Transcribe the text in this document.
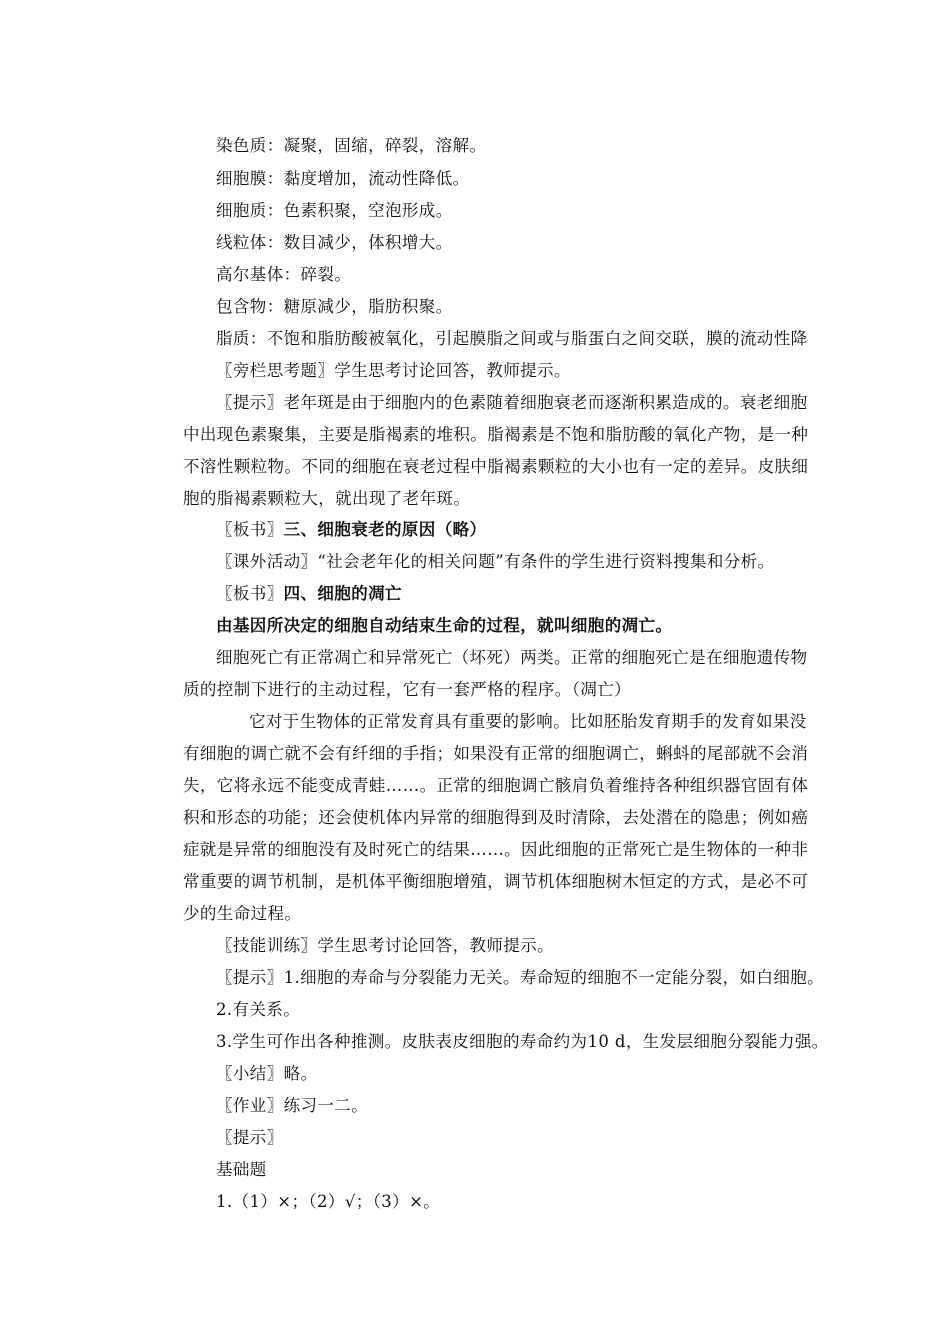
染色质：凝聚，固缩，碎裂，溶解。
细胞膜：黏度增加，流动性降低。
细胞质：色素积聚，空泡形成。
线粒体：数目减少，体积增大。
高尔基体：碎裂。
包含物：糖原减少，脂肪积聚。
脂质：不饱和脂肪酸被氧化，引起膜脂之间或与脂蛋白之间交联，膜的流动性降
〖旁栏思考题〗学生思考讨论回答，教师提示。
〖提示〗老年斑是由于细胞内的色素随着细胞衰老而逐渐积累造成的。衰老细胞
中出现色素聚集，主要是脂褐素的堆积。脂褐素是不饱和脂肪酸的氧化产物，是一种
不溶性颗粒物。不同的细胞在衰老过程中脂褐素颗粒的大小也有一定的差异。皮肤细
胞的脂褐素颗粒大，就出现了老年斑。
〖板书〗三、细胞衰老的原因（略）
〖课外活动〗“社会老年化的相关问题”有条件的学生进行资料搜集和分析。
〖板书〗四、细胞的凋亡
由基因所决定的细胞自动结束生命的过程，就叫细胞的凋亡。
细胞死亡有正常凋亡和异常死亡（坏死）两类。正常的细胞死亡是在细胞遗传物
质的控制下进行的主动过程，它有一套严格的程序。（凋亡）
它对于生物体的正常发育具有重要的影响。比如胚胎发育期手的发育如果没
有细胞的调亡就不会有纤细的手指；如果没有正常的细胞调亡，蝌蚪的尾部就不会消
失，它将永远不能变成青蛙……。正常的细胞调亡骸肩负着维持各种组织器官固有体
积和形态的功能；还会使机体内异常的细胞得到及时清除，去处潜在的隐患；例如癌
症就是异常的细胞没有及时死亡的结果……。因此细胞的正常死亡是生物体的一种非
常重要的调节机制，是机体平衡细胞增殖，调节机体细胞树木恒定的方式，是必不可
少的生命过程。
〖技能训练〗学生思考讨论回答，教师提示。
〖提示〗1.细胞的寿命与分裂能力无关。寿命短的细胞不一定能分裂，如白细胞。
2.有关系。
3.学生可作出各种推测。皮肤表皮细胞的寿命约为10 d，生发层细胞分裂能力强。
〖小结〗略。
〖作业〗练习一二。
〖提示〗
基础题
1.（1）×；（2）√；（3）×。
